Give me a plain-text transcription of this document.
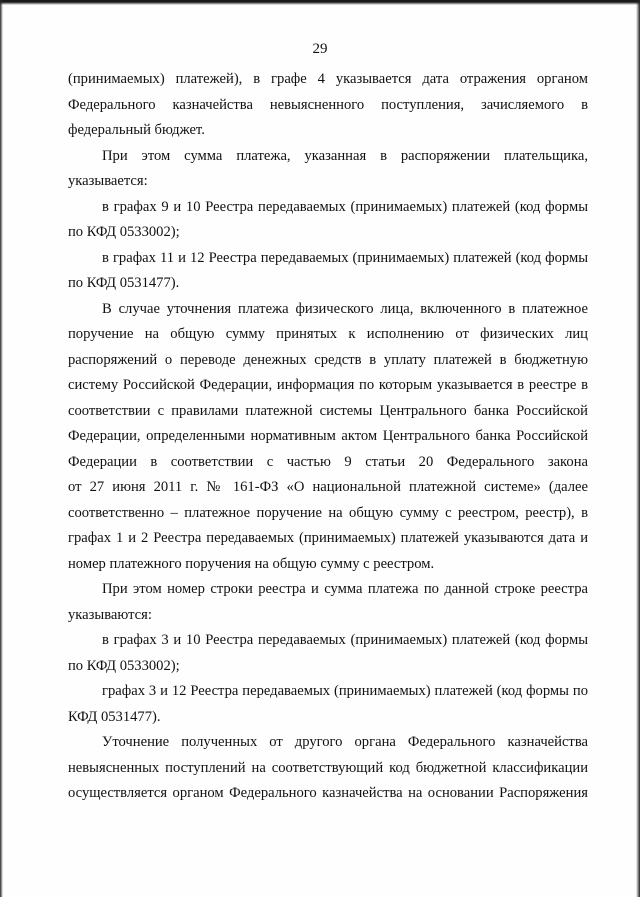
29

(принимаемых) платежей), в графе 4 указывается дата отражения органом

Федерального казначейства невыясненного поступления, зачисляемого в

федеральный бюджет.

При этом сумма платежа, указанная в распоряжении плательщика,

указывается:

в графах 9 и 10 Реестра передаваемых (принимаемых) платежей (код формы

по КФД 0533002);

в графах 11 и 12 Реестра передаваемых (принимаемых) платежей (код формы

по КФД 0531477).

В случае уточнения платежа физического лица, включенного в платежное

поручение на общую сумму принятых к исполнению от физических лиц

распоряжений о переводе денежных средств в уплату платежей в бюджетную

систему Российской Федерации, информация по которым указывается в реестре в

соответствии с правилами платежной системы Центрального банка Российской

Федерации, определенными нормативным актом Центрального банка Российской

Федерации в соответствии с частью 9 статьи 20 Федерального закона

от 27 июня 2011 г. № 161-ФЗ «О национальной платежной системе» (далее

соответственно – платежное поручение на общую сумму с реестром, реестр), в

графах 1 и 2 Реестра передаваемых (принимаемых) платежей указываются дата и

номер платежного поручения на общую сумму с реестром.

При этом номер строки реестра и сумма платежа по данной строке реестра

указываются:

в графах 3 и 10 Реестра передаваемых (принимаемых) платежей (код формы

по КФД 0533002);

графах 3 и 12 Реестра передаваемых (принимаемых) платежей (код формы по

КФД 0531477).

Уточнение полученных от другого органа Федерального казначейства

невыясненных поступлений на соответствующий код бюджетной классификации

осуществляется органом Федерального казначейства на основании Распоряжения
